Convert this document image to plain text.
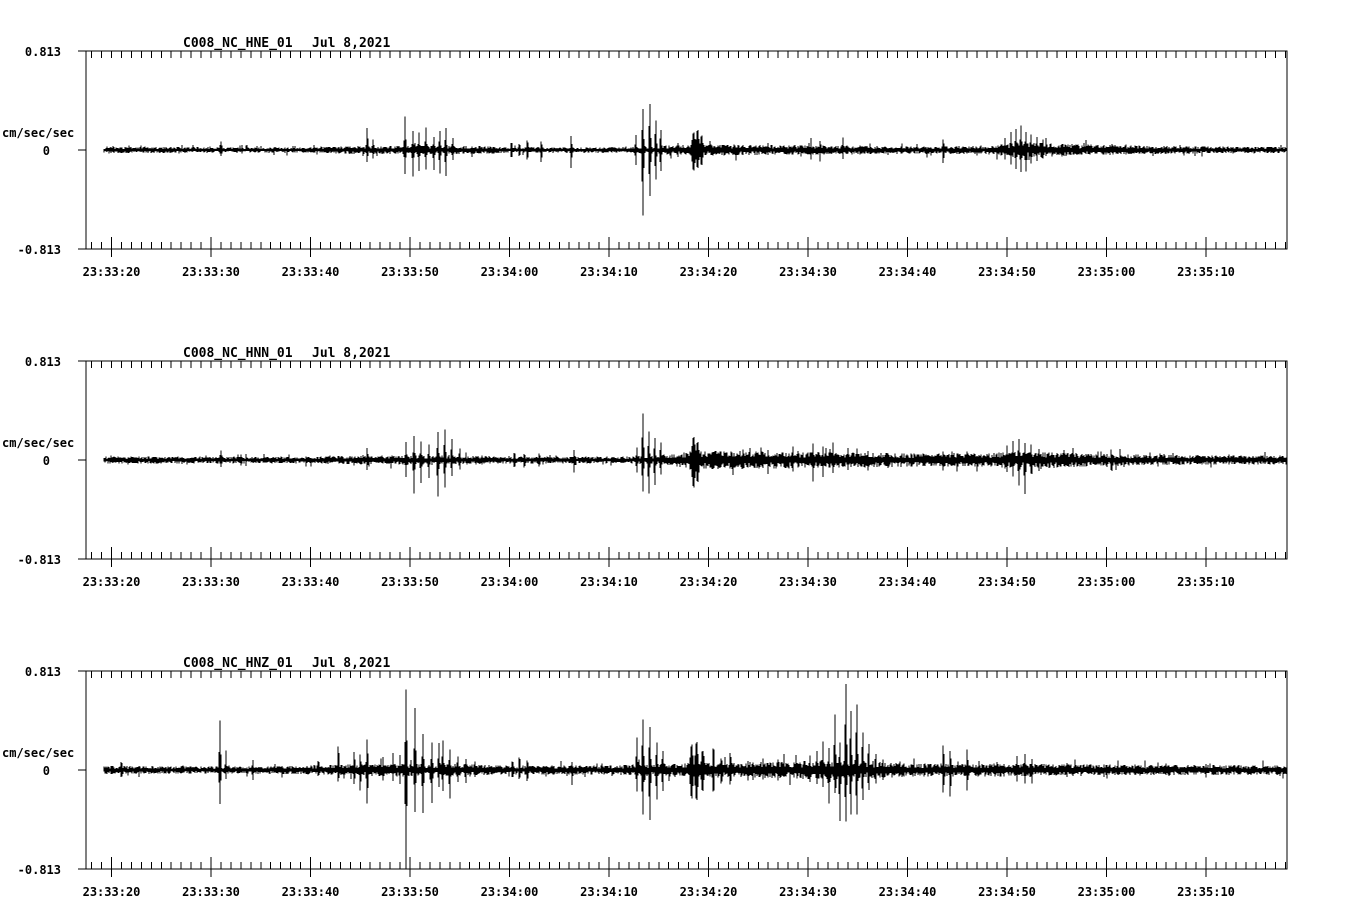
C008_NC_HNE_01 Jul 8,2021
0.813
0
-0.813
cm/sec/sec
23:33:20	23:33:30	23:33:40	23:33:50	23:34:00	23:34:10	23:34:20	23:34:30	23:34:40	23:34:50	23:35:00	23:35:10
C008_NC_HNN_01 Jul 8,2021
0.813
0
-0.813
cm/sec/sec
23:33:20	23:33:30	23:33:40	23:33:50	23:34:00	23:34:10	23:34:20	23:34:30	23:34:40	23:34:50	23:35:00	23:35:10
C008_NC_HNZ_01 Jul 8,2021
0.813
0
-0.813
cm/sec/sec
23:33:20	23:33:30	23:33:40	23:33:50	23:34:00	23:34:10	23:34:20	23:34:30	23:34:40	23:34:50	23:35:00	23:35:10
